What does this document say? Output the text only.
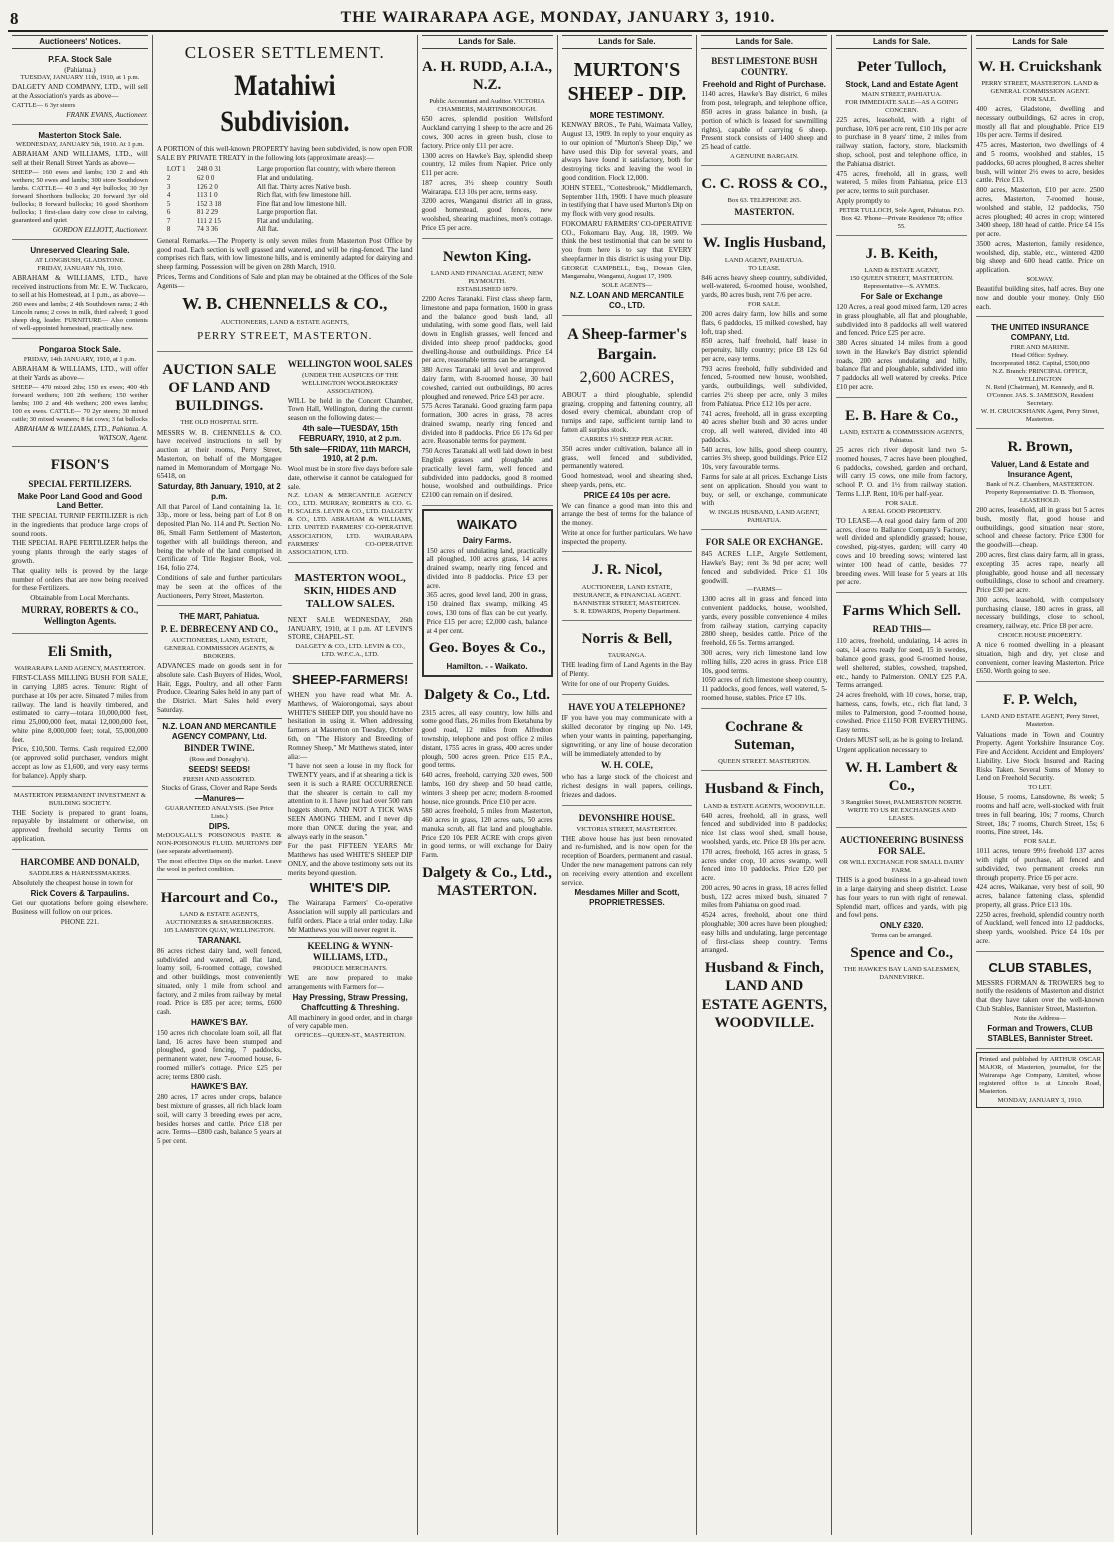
8	THE WAIRARAPA AGE, MONDAY, JANUARY 3, 1910.
Auctioneers' Notices.
P.F.A. Stock Sale
(Pahiatua.)
TUESDAY, JANUARY 11th, 1910, at 1 p.m.

DALGETY AND COMPANY, LTD., will sell at the Association's yards as above—

CATTLE— 6 3yr steers

FRANK EVANS, Auctioneer.
Masterton Stock Sale.
WEDNESDAY, JANUARY 5th, 1910. At 1 p.m.

ABRAHAM AND WILLIAMS, LTD., will sell at their Renall Street Yards as above—

SHEEP— 160 ewes and lambs; 130 2 and 4th wethers; 50 ewes and lambs; 300 store Southdown lambs. CATTLE— 40 3 and 4yr bullocks; 30 3yr forward Shorthorn bullocks; 20 forward 3yr old bullocks; 8 forward bullocks; 16 good Shorthorn bullocks; 1 first-class dairy cow close to calving, guaranteed and quiet

GORDON ELLIOTT, Auctioneer.
Unreserved Clearing Sale.
AT LONGBUSH, GLADSTONE.
FRIDAY, JANUARY 7th, 1910.

ABRAHAM & WILLIAMS, LTD., have received instructions from Mr. E. W. Tuckcaro, to sell at his Homestead, at 1 p.m., as above—

260 ewes and lambs; 2 4th Southdown rams; 2 4th Lincoln rams; 2 cows in milk, third calved; 1 good sheep dog, leader. FURNITURE— Also contents of well-appointed homestead, practically new.

Pongaroa Stock Sale.
FRIDAY, 14th JANUARY, 1910, at 1 p.m.

ABRAHAM & WILLIAMS, LTD., will offer at their Yards as above—

SHEEP— 470 mixed 2ths; 150 ex ewes; 400 4th forward wethers; 100 2th wethers; 150 wether lambs; 100 2 and 4th wethers; 200 ewes lambs; 100 ex ewes. CATTLE— 70 2yr steers; 30 mixed cattle; 30 mixed weaners; 8 fat cows; 3 fat bullocks

ABRAHAM & WILLIAMS, LTD., Pahiatua. A. WATSON, Agent.
FISON'S
SPECIAL FERTILIZERS.
Make Poor Land Good and Good Land Better.

THE SPECIAL TURNIP FERTILIZER is rich in the ingredients that produce large crops of sound roots.

THE SPECIAL RAPE FERTILIZER helps the young plants through the early stages of growth.

That quality tells is proved by the large number of orders that are now being received for these Fertilizers.

Obtainable from Local Merchants.
MURRAY, ROBERTS & CO., Wellington Agents.
Eli Smith,
WAIRARAPA LAND AGENCY, MASTERTON.

FIRST-CLASS MILLING BUSH FOR SALE, in carrying 1,885 acres. Tenure: Right of purchase at 10s per acre. Situated 7 miles from railway. The land is heavily timbered, and estimated to carry—totara 10,000,000 feet, rimu 25,000,000 feet, matai 12,000,000 feet, white pine 8,000,000 feet; total, 55,000,000 feet.

Price, £10,500. Terms. Cash required £2,000 (or approved solid purchaser, vendors might accept as low as £1,600, and very easy terms for balance). Apply sharp.

MASTERTON PERMANENT INVESTMENT & BUILDING SOCIETY.

THE Society is prepared to grant loans, repayable by instalment or otherwise, on approved freehold security Terms on application.

HARCOMBE AND DONALD,
SADDLERS & HARNESSMAKERS.

Absolutely the cheapest house in town for

Rick Covers & Tarpaulins.

Get our quotations before going elsewhere. Business will follow on our prices.

PHONE 221.
CLOSER SETTLEMENT.
Matahiwi Subdivision.

A PORTION of this well-known PROPERTY having been subdivided, is now open FOR SALE BY PRIVATE TREATY in the following lots (approximate areas):—

LOT 1	248 0 31	Large proportion flat country, with where thereon
2	62 0 0	Flat and undulating.
3	126 2 0	All flat. Thirty acres Native bush.
4	113 1 0	Rich flat, with few limestone hill.
5	152 3 18	Fine flat and low limestone hill.
6	81 2 29	Large proportion flat.
7	111 2 15	Flat and undulating.
8	74 3 36	All flat.

General Remarks.—The Property is only seven miles from Masterton Post Office by good road. Each section is well grassed and watered, and will be ring-fenced. The land comprises rich flats, with low limestone hills, and is eminently adapted for dairying and sheep farming. Possession will be given on 28th March, 1910.

Prices, Terms and Conditions of Sale and plan may be obtained at the Offices of the Sole Agents—

W. B. CHENNELLS & CO.,
AUCTIONEERS, LAND & ESTATE AGENTS,
PERRY STREET, MASTERTON.
AUCTION SALE OF LAND AND BUILDINGS.
THE OLD HOSPITAL SITE.

MESSRS W. B. CHENNELLS & CO. have received instructions to sell by auction at their rooms, Perry Street, Masterton, on behalf of the Mortgagee named in Memorandum of Mortgage No. 65418, on

Saturday, 8th January, 1910, at 2 p.m.

All that Parcel of Land containing 1a. 1r. 33p., more or less, being part of Lot 8 on deposited Plan No. 114 and Pt. Section No. 86, Small Farm Settlement of Masterton, together with all buildings thereon, and being the whole of the land comprised in Certificate of Title Register Book, vol. 164, folio 274.

Conditions of sale and further particulars may be seen at the offices of the Auctioneers, Perry Street, Masterton.

THE MART, Pahiatua.
P. E. DEBRECENY AND CO.,
AUCTIONEERS, LAND, ESTATE, GENERAL COMMISSION AGENTS, & BROKERS.

ADVANCES made on goods sent in for absolute sale. Cash Buyers of Hides, Wool, Hair, Eggs, Poultry, and all other Farm Produce. Clearing Sales held in any part of the District. Mart Sales held every Saturday.

N.Z. LOAN AND MERCANTILE AGENCY COMPANY, Ltd.
BINDER TWINE.
(Ross and Donaghy's).
SEEDS! SEEDS!
FRESH AND ASSORTED.
Stocks of Grass, Clover and Rape Seeds
—Manures—
GUARANTEED ANALYSIS. (See Price Lists.)
DIPS.

McDOUGALL'S POISONOUS PASTE & NON-POISONOUS FLUID. MURTON'S DIP (see separate advertisement).

The most effective Dips on the market. Leave the wool in perfect condition.

Harcourt and Co.,
LAND & ESTATE AGENTS, AUCTIONEERS & SHAREBROKERS.
105 LAMBTON QUAY, WELLINGTON.
TARANAKI.

86 acres richest dairy land, well fenced, subdivided and watered, all flat land, loamy soil, 6-roomed cottage, cowshed and other buildings, most conveniently situated, only 1 mile from school and factory, and 2 miles from railway by metal road. Price is £85 per acre; terms, £600 cash.

HAWKE'S BAY.

150 acres rich chocolate loam soil, all flat land, 16 acres have been stumped and ploughed, good fencing, 7 paddocks, permanent water, new 7-roomed house, 6-roomed miller's cottage. Price £25 per acre; terms £800 cash.

HAWKE'S BAY.

280 acres, 17 acres under crops, balance best mixture of grasses, all rich black loam soil, will carry 3 breeding ewes per acre, besides horses and cattle. Price £18 per acre. Terms—£800 cash, balance 5 years at 5 per cent.

WELLINGTON WOOL SALES
(UNDER THE AUSPICES OF THE WELLINGTON WOOLBROKERS' ASSOCIATION).

WILL be held in the Concert Chamber, Town Hall, Wellington, during the current season on the following dates:—

4th sale—TUESDAY, 15th FEBRUARY, 1910, at 2 p.m.
5th sale—FRIDAY, 11th MARCH, 1910, at 2 p.m.

Wool must be in store five days before sale date, otherwise it cannot be catalogued for sale.

N.Z. LOAN & MERCANTILE AGENCY CO., LTD. MURRAY, ROBERTS & CO. G. H. SCALES. LEVIN & CO., LTD. DALGETY & CO., LTD. ABRAHAM & WILLIAMS, LTD. UNITED FARMERS' CO-OPERATIVE ASSOCIATION, LTD. WAIRARAPA FARMERS' CO-OPERATIVE ASSOCIATION, LTD.

MASTERTON WOOL, SKIN, HIDES AND TALLOW SALES.

NEXT SALE WEDNESDAY, 26th JANUARY, 1910, at 1 p.m. AT LEVIN'S STORE, CHAPEL-ST.

DALGETY & CO., LTD. LEVIN & CO., LTD. W.F.C.A., LTD.
SHEEP-FARMERS!

WHEN you have read what Mr. A. Matthews, of Waiorongomai, says about WHITE'S SHEEP DIP, you should have no hesitation in using it. When addressing farmers at Masterton on Tuesday, October 6th, on "The History and Breeding of Romney Sheep," Mr Matthews stated, inter alia:—

"I have not seen a louse in my flock for TWENTY years, and if at shearing a tick is seen it is such a RARE OCCURRENCE that the shearer is certain to call my attention to it. I have just had over 500 ram hoggets shorn, AND NOT A TICK WAS SEEN AMONG THEM, and I never dip more than ONCE during the year, and always early in the season."

For the past FIFTEEN YEARS Mr Matthews has used WHITE'S SHEEP DIP ONLY, and the above testimony sets out its merits beyond question.

WHITE'S DIP.

The Wairarapa Farmers' Co-operative Association will supply all particulars and fulfil orders. Place a trial order today. Like Mr Matthews you will never regret it.

KEELING & WYNN-WILLIAMS, LTD.,
PRODUCE MERCHANTS.

WE are now prepared to make arrangements with Farmers for—

Hay Pressing, Straw Pressing, Chaffcutting & Threshing.

All machinery in good order, and in charge of very capable men.

OFFICES—QUEEN-ST., MASTERTON.
Lands for Sale.
A. H. RUDD, A.I.A., N.Z.
Public Accountant and Auditor. VICTORIA CHAMBERS, MARTINBOROUGH.

650 acres, splendid position Wellsford Auckland carrying 1 sheep to the acre and 26 cows, 300 acres in green bush, close to factory. Price only £11 per acre.

1300 acres on Hawke's Bay, splendid sheep country, 12 miles from Napier. Price only £11 per acre.

187 acres, 3½ sheep country South Wairarapa. £13 10s per acre, terms easy.

3200 acres, Wanganui district all in grass, good homestead, good fences, new woolshed, shearing machines, men's cottage. Price £5 per acre.

Newton King.
LAND AND FINANCIAL AGENT, NEW PLYMOUTH.
ESTABLISHED 1879.

2200 Acres Taranaki. First class sheep farm, limestone and papa formation, 1600 in grass and the balance good bush land, all undulating, with some good flats, well laid down in English grasses, well fenced and divided into sheep proof paddocks, good dwelling-house and outbuildings. Price £4 per acre, reasonable terms can be arranged.

380 Acres Taranaki all level and improved dairy farm, with 8-roomed house, 30 bail cowshed, carried out outbuildings, 80 acres ploughed and renewed. Price £43 per acre.

575 Acres Taranaki. Good grazing farm papa formation, 300 acres in grass, 78 acres drained swamp, nearly ring fenced and divided into 8 paddocks. Price £6 17s 6d per acre. Reasonable terms for payment.

750 Acres Taranaki all well laid down in best English grasses and ploughable and practically level farm, well fenced and subdivided into paddocks, good 8 roomed house, woolshed and outbuildings. Price £2100 can remain on if desired.

WAIKATO
Dairy Farms.

150 acres of undulating land, practically all ploughed, 100 acres grass, 14 acres drained swamp, nearly ring fenced and divided into 8 paddocks. Price £3 per acre.

365 acres, good level land, 200 in grass, 150 drained flax swamp, milking 45 cows, 130 tons of flax can be cut yearly. Price £15 per acre; £2,000 cash, balance at 4 per cent.

Geo. Boyes & Co.,
Hamilton. - - Waikato.
Dalgety & Co., Ltd.

2315 acres, all easy country, low hills and some good flats, 26 miles from Eketahuna by good road, 12 miles from Alfredton township, telephone and post office 2 miles distant, 1755 acres in grass, 400 acres under plough, 500 acres green. Price £15 P.A., good terms.

640 acres, freehold, carrying 320 ewes, 500 lambs, 160 dry sheep and 50 head cattle, winters 3 sheep per acre; modern 8-roomed house, nice grounds. Price £10 per acre.

580 acres freehold, 5 miles from Masterton, 460 acres in grass, 120 acres oats, 50 acres manuka scrub, all flat land and ploughable. Price £20 10s PER ACRE with crops given in good terms, or will exchange for Dairy Farm.

Dalgety & Co., Ltd., MASTERTON.
Lands for Sale.
MURTON'S SHEEP - DIP.
MORE TESTIMONY.

KENWAY BROS., Te Pahi, Waimata Valley, August 13, 1909. In reply to your enquiry as to our opinion of "Murton's Sheep Dip," we have used this Dip for several years, and always have found it satisfactory, both for destroying ticks and leaving the wool in good condition. Flock 12,000.

JOHN STEEL, "Cottesbrook," Middlemarch, September 11th, 1909. I have much pleasure in testifying that I have used Murton's Dip on my flock with very good results.

FOKOMARU FARMERS' CO-OPERATIVE CO., Fokomaru Bay, Aug. 18, 1909. We think the best testimonial that can be sent to you from here is to say that EVERY sheepfarmer in this district is using your Dip.

GEORGE CAMPBELL, Esq., Dowan Glen, Mangamahu, Wanganui, August 17, 1909.

SOLE AGENTS—
N.Z. LOAN AND MERCANTILE CO., LTD.
A Sheep-farmer's Bargain.
2,600 ACRES,

ABOUT a third ploughable, splendid grazing, cropping and fattening country, all dosed every chemical, abundant crop of turnips and rape, sufficient turnip land to fatten all surplus stock.

CARRIES 1½ SHEEP PER ACRE.

350 acres under cultivation, balance all in grass, well fenced and subdivided, permanently watered.

Good homestead, wool and shearing shed, sheep yards, pens, etc.

PRICE £4 10s per acre.

We can finance a good man into this and arrange the best of terms for the balance of the money.

Write at once for further particulars. We have inspected the property.

J. R. Nicol,
AUCTIONEER, LAND ESTATE, INSURANCE, & FINANCIAL AGENT.
BANNISTER STREET, MASTERTON.
S. R. EDWARDS, Property Department.
Norris & Bell,
TAURANGA.

THE leading firm of Land Agents in the Bay of Plenty.

Write for one of our Property Guides.

HAVE YOU A TELEPHONE?

IF you have you may communicate with a skilled decorator by ringing up No. 149, when your wants in painting, paperhanging, signwriting, or any line of house decoration will be immediately attended to by

W. H. COLE,

who has a large stock of the choicest and richest designs in wall papers, ceilings, friezes and dadoes.

DEVONSHIRE HOUSE.
VICTORIA STREET, MASTERTON.

THE above house has just been renovated and re-furnished, and is now open for the reception of Boarders, permanent and casual. Under the new management patrons can rely on receiving every attention and excellent service.

Mesdames Miller and Scott, PROPRIETRESSES.
Lands for Sale.
BEST LIMESTONE BUSH COUNTRY.
Freehold and Right of Purchase.

1140 acres, Hawke's Bay district, 6 miles from post, telegraph, and telephone office, 850 acres in grass balance in bush, (a portion of which is leased for sawmilling rights), capable of carrying 6 sheep. Present stock consists of 1400 sheep and 25 head of cattle.

A GENUINE BARGAIN.
C. C. ROSS & CO.,
Box 63. TELEPHONE 265.
MASTERTON.
W. Inglis Husband,
LAND AGENT, PAHIATUA.
TO LEASE.

846 acres heavy sheep country, subdivided, well-watered, 6-roomed house, woolshed, yards, 80 acres bush, rent 7/6 per acre.

FOR SALE.

200 acres dairy farm, low hills and some flats, 6 paddocks, 15 milked cowshed, hay loft, trap shed.

850 acres, half freehold, half lease in perpetuity, hilly country; price £8 12s 6d per acre, easy terms.

793 acres freehold, fully subdivided and fenced, 5-roomed new house, woolshed, yards, outbuildings, well subdivided, carries 2½ sheep per acre, only 3 miles from Pahiatua. Price £12 10s per acre.

741 acres, freehold, all in grass excepting 40 acres shelter bush and 30 acres under crop, all well watered, divided into 40 paddocks.

540 acres, low hills, good sheep country, carries 3½ sheep, good buildings. Price £12 10s, very favourable terms.

Farms for sale at all prices. Exchange Lists sent on application. Should you want to buy, or sell, or exchange, communicate with

W. INGLIS HUSBAND, LAND AGENT, PAHIATUA.
FOR SALE OR EXCHANGE.

845 ACRES L.I.P., Argyle Settlement, Hawke's Bay; rent 3s 9d per acre; well fenced and subdivided. Price £1 10s goodwill.

—FARMS—

1300 acres all in grass and fenced into convenient paddocks, house, woolshed, yards, every possible convenience 4 miles from railway station, carrying capacity 2800 sheep, besides cattle. Price of the freehold, £6 5s. Terms arranged.

300 acres, very rich limestone land low rolling hills, 220 acres in grass. Price £18 10s, good terms.

1050 acres of rich limestone sheep country, 11 paddocks, good fences, well watered, 5-roomed house, stables. Price £7 10s.

Cochrane & Suteman,
QUEEN STREET. MASTERTON.
Husband & Finch,
LAND & ESTATE AGENTS, WOODVILLE.

640 acres, freehold, all in grass, well fenced and subdivided into 8 paddocks; nice 1st class wool shed, small house, woolshed, yards, etc. Price £8 10s per acre.

170 acres, freehold, 165 acres in grass, 5 acres under crop, 10 acres swamp, well fenced into 10 paddocks. Price £20 per acre.

200 acres, 90 acres in grass, 18 acres felled bush, 122 acres mixed bush, situated 7 miles from Pahiatua on good road.

4524 acres, freehold, about one third ploughable; 300 acres have been ploughed; easy hills and undulating, large percentage of first-class sheep country. Terms arranged.

Husband & Finch, LAND AND ESTATE AGENTS, WOODVILLE.
Lands for Sale.
Peter Tulloch,
Stock, Land and Estate Agent
MAIN STREET, PAHIATUA.
FOR IMMEDIATE SALE—AS A GOING CONCERN.

225 acres, leasehold, with a right of purchase, 10/6 per acre rent, £10 10s per acre to purchase in 8 years' time, 2 miles from railway station, factory, store, blacksmith shop, school, post and telephone office, in the Pahiatua district.

475 acres, freehold, all in grass, well watered, 5 miles from Pahiatua, price £13 per acre, terms to suit purchaser.

Apply promptly to

PETER TULLOCH, Sole Agent, Pahiatua. P.O. Box 42. 'Phone—Private Residence 78; office 55.
J. B. Keith,
LAND & ESTATE AGENT,
150 QUEEN STREET, MASTERTON.
Representative—S. AYMES.
For Sale or Exchange

120 Acres, a real good mixed farm, 120 acres in grass ploughable, all flat and ploughable, subdivided into 8 paddocks all well watered and fenced. Price £25 per acre.

380 Acres situated 14 miles from a good town in the Hawke's Bay district splendid roads, 200 acres undulating and hilly, balance flat and ploughable, subdivided into 7 paddocks all well watered by creeks. Price £10 per acre.

E. B. Hare & Co.,
LAND, ESTATE & COMMISSION AGENTS, Pahiatua.

25 acres rich river deposit land two 5-roomed houses, 7 acres have been ploughed, 6 paddocks, cowshed, garden and orchard, will carry 15 cows, one mile from factory, school P. O. and 1½ from railway station. Terms L.I.P. Rent, 10/6 per half-year.

FOR SALE.
A REAL GOOD PROPERTY.

TO LEASE—A real good dairy farm of 200 acres, close to Ballance Company's Factory; well divided and splendidly grassed; house, cowshed, pig-styes, garden; will carry 40 cows and 10 breeding sows; wintered last winter 100 head of cattle, besides 77 breeding ewes. Will lease for 5 years at 10s per acre.

Farms Which Sell.
READ THIS—

110 acres, freehold, undulating, 14 acres in oats, 14 acres ready for seed, 15 in swedes, balance good grass, good 6-roomed house, well sheltered, stables, cowshed, trapshed, etc., handy to Palmerston. ONLY £25 P.A. Terms arranged.

24 acres freehold, with 10 cows, horse, trap, harness, cans, fowls, etc., rich flat land, 3 miles to Palmerston, good 7-roomed house, cowshed. Price £1150 FOR EVERYTHING. Easy terms.

Orders MUST sell, as he is going to Ireland.

Urgent application necessary to

W. H. Lambert & Co.,
3 Rangitikei Street, PALMERSTON NORTH.
WRITE TO US RE EXCHANGES AND LEASES.
AUCTIONEERING BUSINESS FOR SALE.
OR WILL EXCHANGE FOR SMALL DAIRY FARM.

THIS is a good business in a go-ahead town in a large dairying and sheep district. Lease has four years to run with right of renewal. Splendid mart, offices and yards, with pig and fowl pens.

ONLY £320.
Terms can be arranged.
Spence and Co.,
THE HAWKE'S BAY LAND SALESMEN, DANNEVIRKE.
Lands for Sale
W. H. Cruickshank
PERRY STREET, MASTERTON. LAND & GENERAL COMMISSION AGENT.
FOR SALE.

400 acres, Gladstone, dwelling and necessary outbuildings, 62 acres in crop, mostly all flat and ploughable. Price £19 10s per acre. Terms if desired.

475 acres, Masterton, two dwellings of 4 and 5 rooms, woolshed and stables, 15 paddocks, 60 acres ploughed, 8 acres shelter bush, will winter 2½ ewes to acre, besides cattle. Price £13.

800 acres, Masterton, £10 per acre. 2500 acres, Masterton, 7-roomed house, woolshed and stable, 12 paddocks, 750 acres ploughed; 40 acres in crop; wintered 3400 sheep, 180 head of cattle. Price £4 15s per acre.

3500 acres, Masterton, family residence, woolshed, dip, stable, etc., wintered 4200 big sheep and 600 head cattle. Price on application.

SOLWAY.

Beautiful building sites, half acres. Buy one now and double your money. Only £60 each.

THE UNITED INSURANCE COMPANY, Ltd.
FIRE AND MARINE.
Head Office: Sydney.
Incorporated 1862. Capital, £500,000
N.Z. Branch: PRINCIPAL OFFICE, WELLINGTON
N. Reid (Chairman), M. Kennedy, and R. O'Connor. JAS. S. JAMESON, Resident Secretary.
W. H. CRUICKSHANK Agent, Perry Street, Masterton.
R. Brown,
Valuer, Land & Estate and Insurance Agent,
Bank of N.Z. Chambers, MASTERTON.
Property Representative: D. B. Thomson,
LEASEHOLD.

200 acres, leasehold, all in grass but 5 acres bush, mostly flat, good house and outbuildings, good situation near store, school and cheese factory. Price £300 for the goodwill—cheap.

200 acres, first class dairy farm, all in grass, excepting 35 acres rape, nearly all ploughable, good house and all necessary outbuildings, close to school and creamery. Price £30 per acre.

300 acres, leasehold, with compulsory purchasing clause, 180 acres in grass, all necessary buildings, close to school, creamery, railway, etc. Price £8 per acre.

CHOICE HOUSE PROPERTY.

A nice 6 roomed dwelling in a pleasant situation, high and dry, yet close and convenient, corner leaving Masterton. Price £650. Worth going to see.

F. P. Welch,
LAND AND ESTATE AGENT, Perry Street, Masterton.

Valuations made in Town and Country Property. Agent Yorkshire Insurance Coy. Fire and Accident. Accident and Employers' Liability. Live Stock Insured and Racing Risks Taken. Several Sums of Money to Lend on Freehold Security.

TO LET.

House, 5 rooms, Lansdowne, 8s week; 5 rooms and half acre, well-stocked with fruit trees in full bearing, 10s; 7 rooms, Church Street, 18s; 7 rooms, Church Street, 15s; 6 rooms, Pine street, 14s.

FOR SALE.

1011 acres, tenure 99½ freehold 137 acres with right of purchase, all fenced and subdivided, two permanent creeks run through property. Price £6 per acre.

424 acres, Waikanae, very best of soil, 90 acres, balance fattening class, splendid property, all grass. Price £13 10s.

2250 acres, freehold, splendid country north of Auckland, well fenced into 12 paddocks, sheep yards, woolshed. Price £4 10s per acre.

CLUB STABLES,

MESSRS FORMAN & TROWERS beg to notify the residents of Masterton and district that they have taken over the well-known Club Stables, Bannister Street, Masterton.

Note the Address—
Forman and Trowers, CLUB STABLES, Bannister Street.

Printed and published by ARTHUR OSCAR MAJOR, of Masterton, journalist, for the Wairarapa Age Company, Limited, whose registered office is at Lincoln Road, Masterton.

MONDAY, JANUARY 3, 1910.
